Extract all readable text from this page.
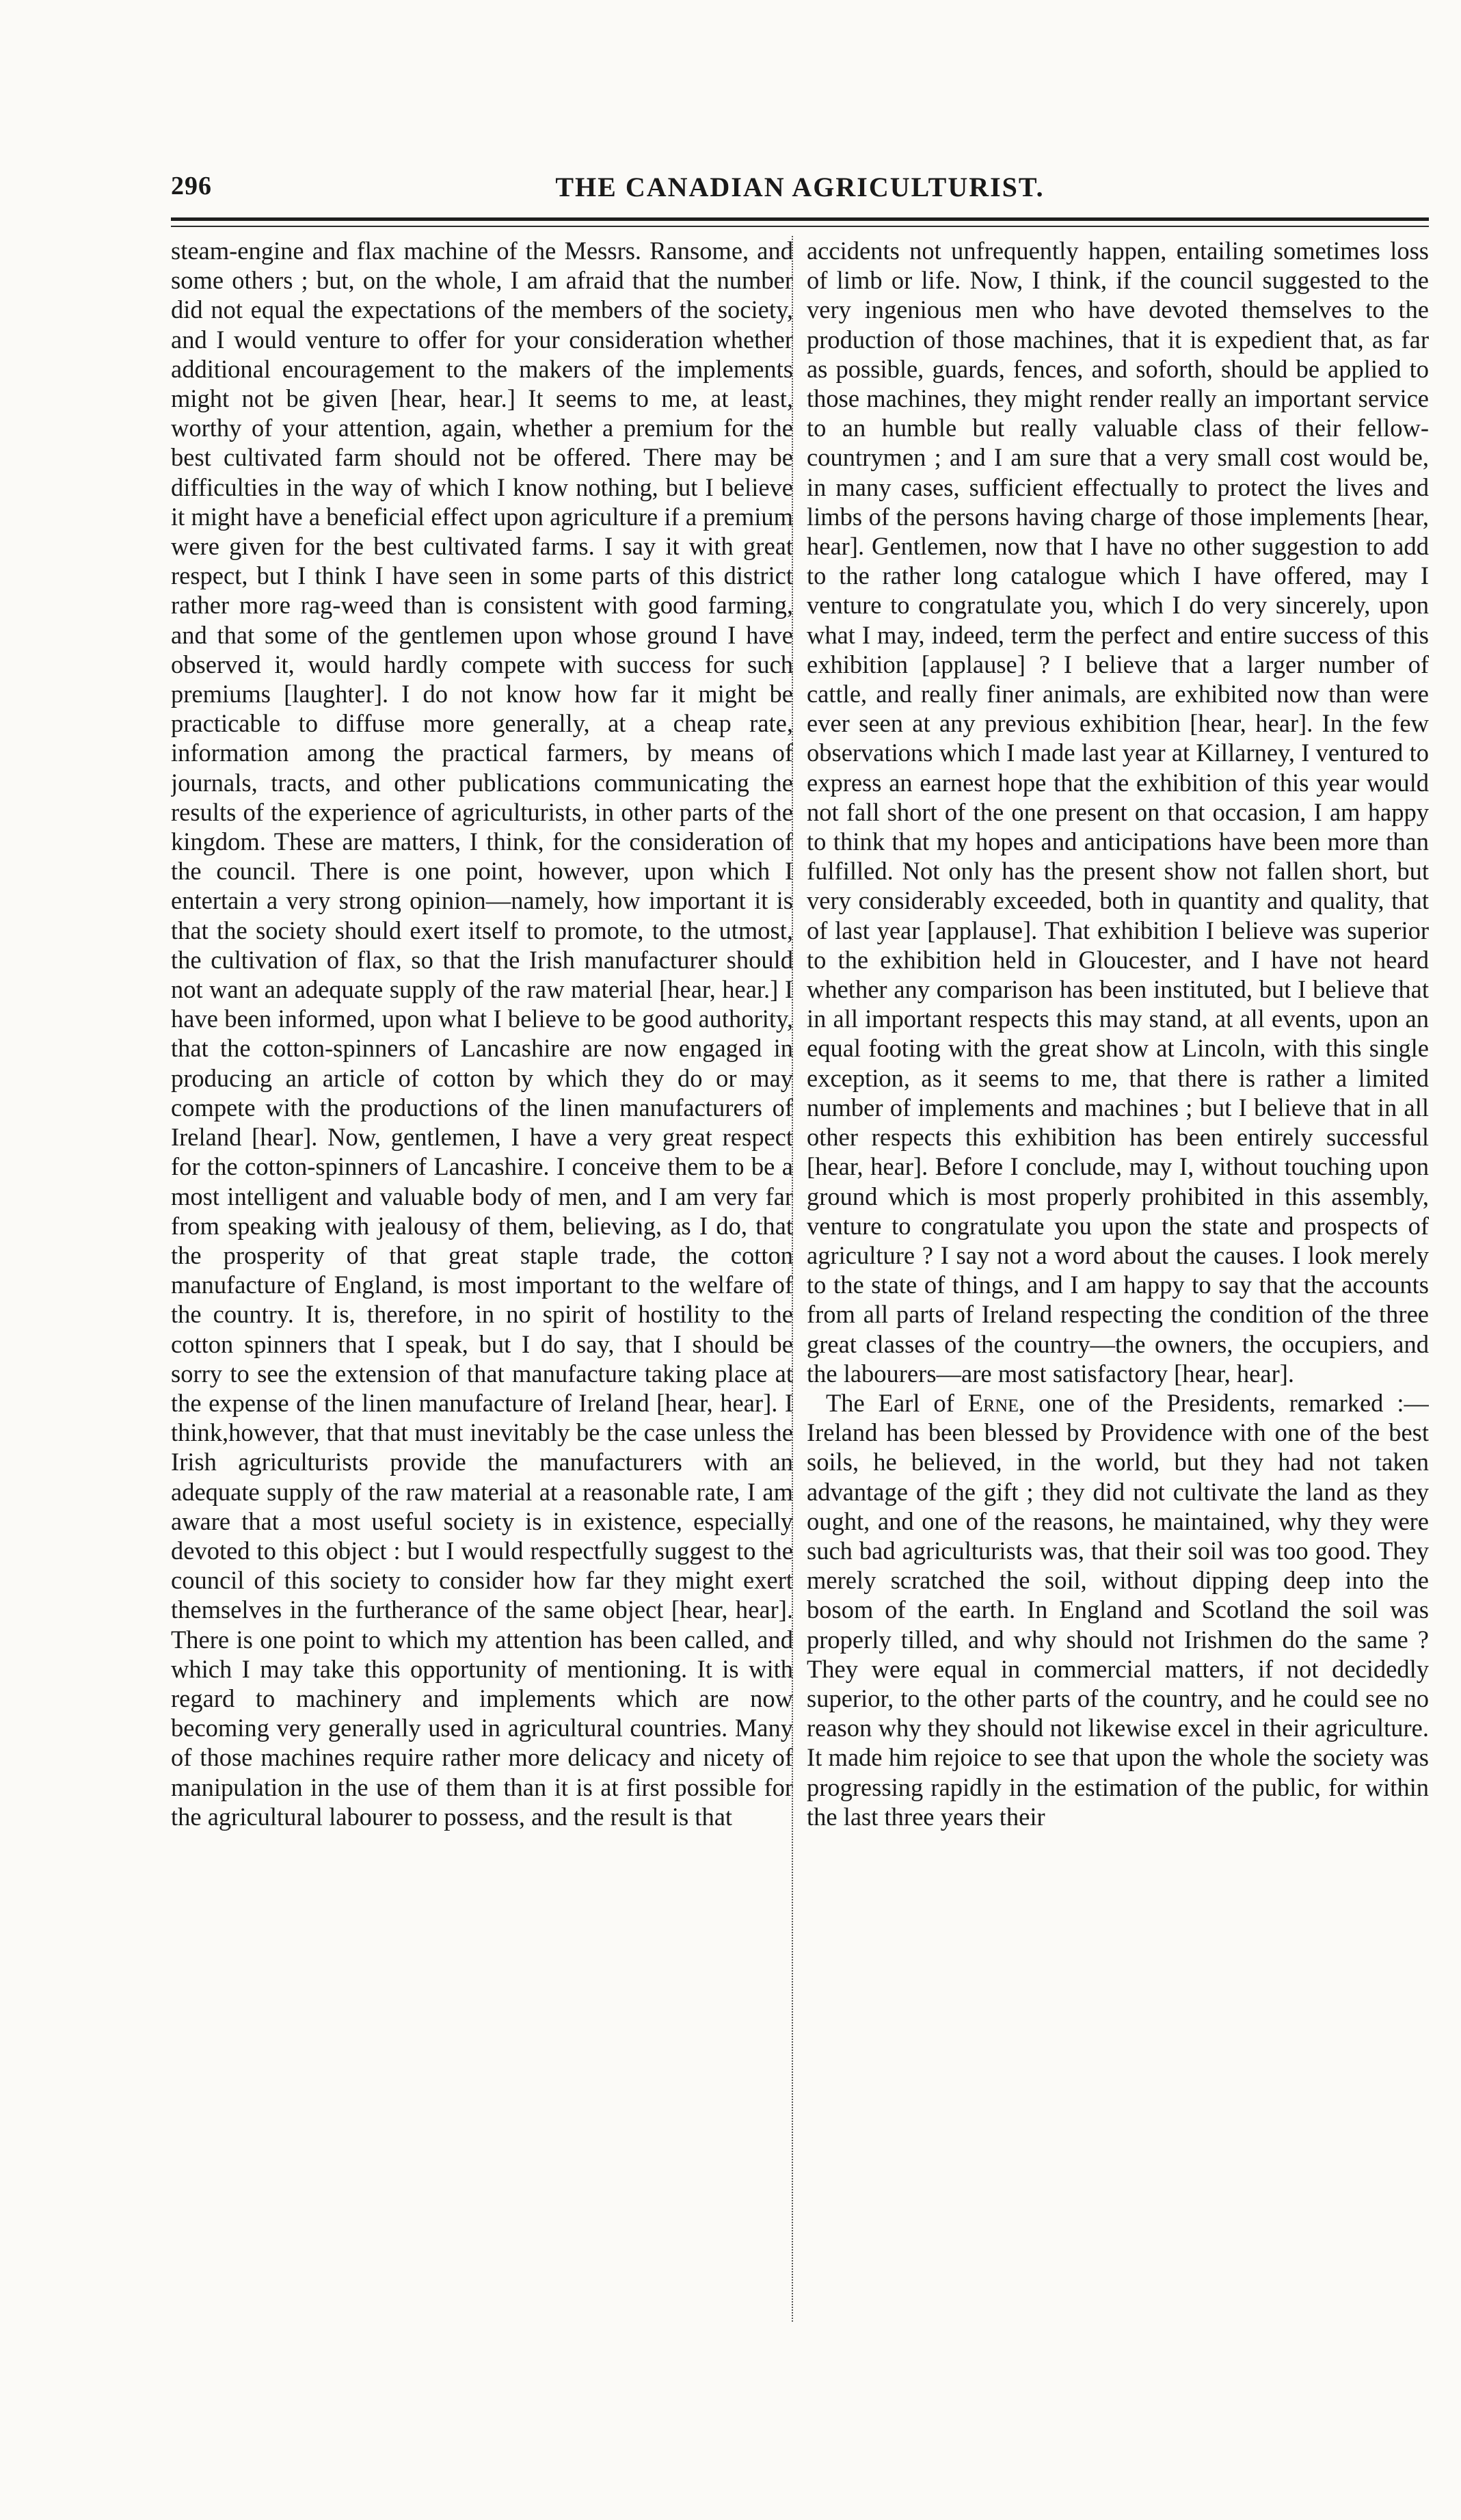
296	THE CANADIAN AGRICULTURIST.

steam-engine and flax machine of the Messrs. Ransome, and some others ; but, on the whole, I am afraid that the number did not equal the expectations of the members of the society, and I would venture to offer for your consideration whether additional encouragement to the makers of the implements might not be given [hear, hear.] It seems to me, at least, worthy of your attention, again, whether a premium for the best cultivated farm should not be offered. There may be difficulties in the way of which I know nothing, but I believe it might have a beneficial effect upon agriculture if a premium were given for the best cultivated farms. I say it with great respect, but I think I have seen in some parts of this district rather more rag-weed than is consistent with good farming, and that some of the gentlemen upon whose ground I have observed it, would hardly compete with success for such premiums [laughter]. I do not know how far it might be practicable to diffuse more generally, at a cheap rate, information among the practical farmers, by means of journals, tracts, and other publications communicating the results of the experience of agriculturists, in other parts of the kingdom. These are matters, I think, for the consideration of the council. There is one point, however, upon which I entertain a very strong opinion—namely, how important it is that the society should exert itself to promote, to the utmost, the cultivation of flax, so that the Irish manufacturer should not want an adequate supply of the raw material [hear, hear.] I have been informed, upon what I believe to be good authority, that the cotton-spinners of Lancashire are now engaged in producing an article of cotton by which they do or may compete with the productions of the linen manufacturers of Ireland [hear]. Now, gentlemen, I have a very great respect for the cotton-spinners of Lancashire. I conceive them to be a most intelligent and valuable body of men, and I am very far from speaking with jealousy of them, believing, as I do, that the prosperity of that great staple trade, the cotton manufacture of England, is most important to the welfare of the country. It is, therefore, in no spirit of hostility to the cotton spinners that I speak, but I do say, that I should be sorry to see the extension of that manufacture taking place at the expense of the linen manufacture of Ireland [hear, hear]. I think,however, that that must inevitably be the case unless the Irish agriculturists provide the manufacturers with an adequate supply of the raw material at a reasonable rate, I am aware that a most useful society is in existence, especially devoted to this object : but I would respectfully suggest to the council of this society to consider how far they might exert themselves in the furtherance of the same object [hear, hear]. There is one point to which my attention has been called, and which I may take this opportunity of mentioning. It is with regard to machinery and implements which are now becoming very generally used in agricultural countries. Many of those machines require rather more delicacy and nicety of manipulation in the use of them than it is at first possible for the agricultural labourer to possess, and the result is that

accidents not unfrequently happen, entailing sometimes loss of limb or life. Now, I think, if the council suggested to the very ingenious men who have devoted themselves to the production of those machines, that it is expedient that, as far as possible, guards, fences, and soforth, should be applied to those machines, they might render really an important service to an humble but really valuable class of their fellow-countrymen ; and I am sure that a very small cost would be, in many cases, sufficient effectually to protect the lives and limbs of the persons having charge of those implements [hear, hear]. Gentlemen, now that I have no other suggestion to add to the rather long catalogue which I have offered, may I venture to congratulate you, which I do very sincerely, upon what I may, indeed, term the perfect and entire success of this exhibition [applause] ? I believe that a larger number of cattle, and really finer animals, are exhibited now than were ever seen at any previous exhibition [hear, hear]. In the few observations which I made last year at Killarney, I ventured to express an earnest hope that the exhibition of this year would not fall short of the one present on that occasion, I am happy to think that my hopes and anticipations have been more than fulfilled. Not only has the present show not fallen short, but very considerably exceeded, both in quantity and quality, that of last year [applause]. That exhibition I believe was superior to the exhibition held in Gloucester, and I have not heard whether any comparison has been instituted, but I believe that in all important respects this may stand, at all events, upon an equal footing with the great show at Lincoln, with this single exception, as it seems to me, that there is rather a limited number of implements and machines ; but I believe that in all other respects this exhibition has been entirely successful [hear, hear]. Before I conclude, may I, without touching upon ground which is most properly prohibited in this assembly, venture to congratulate you upon the state and prospects of agriculture ? I say not a word about the causes. I look merely to the state of things, and I am happy to say that the accounts from all parts of Ireland respecting the condition of the three great classes of the country—the owners, the occupiers, and the labourers—are most satisfactory [hear, hear].

The Earl of Erne, one of the Presidents, remarked :—Ireland has been blessed by Providence with one of the best soils, he believed, in the world, but they had not taken advantage of the gift ; they did not cultivate the land as they ought, and one of the reasons, he maintained, why they were such bad agriculturists was, that their soil was too good. They merely scratched the soil, without dipping deep into the bosom of the earth. In England and Scotland the soil was properly tilled, and why should not Irishmen do the same ? They were equal in commercial matters, if not decidedly superior, to the other parts of the country, and he could see no reason why they should not likewise excel in their agriculture. It made him rejoice to see that upon the whole the society was progressing rapidly in the estimation of the public, for within the last three years their
